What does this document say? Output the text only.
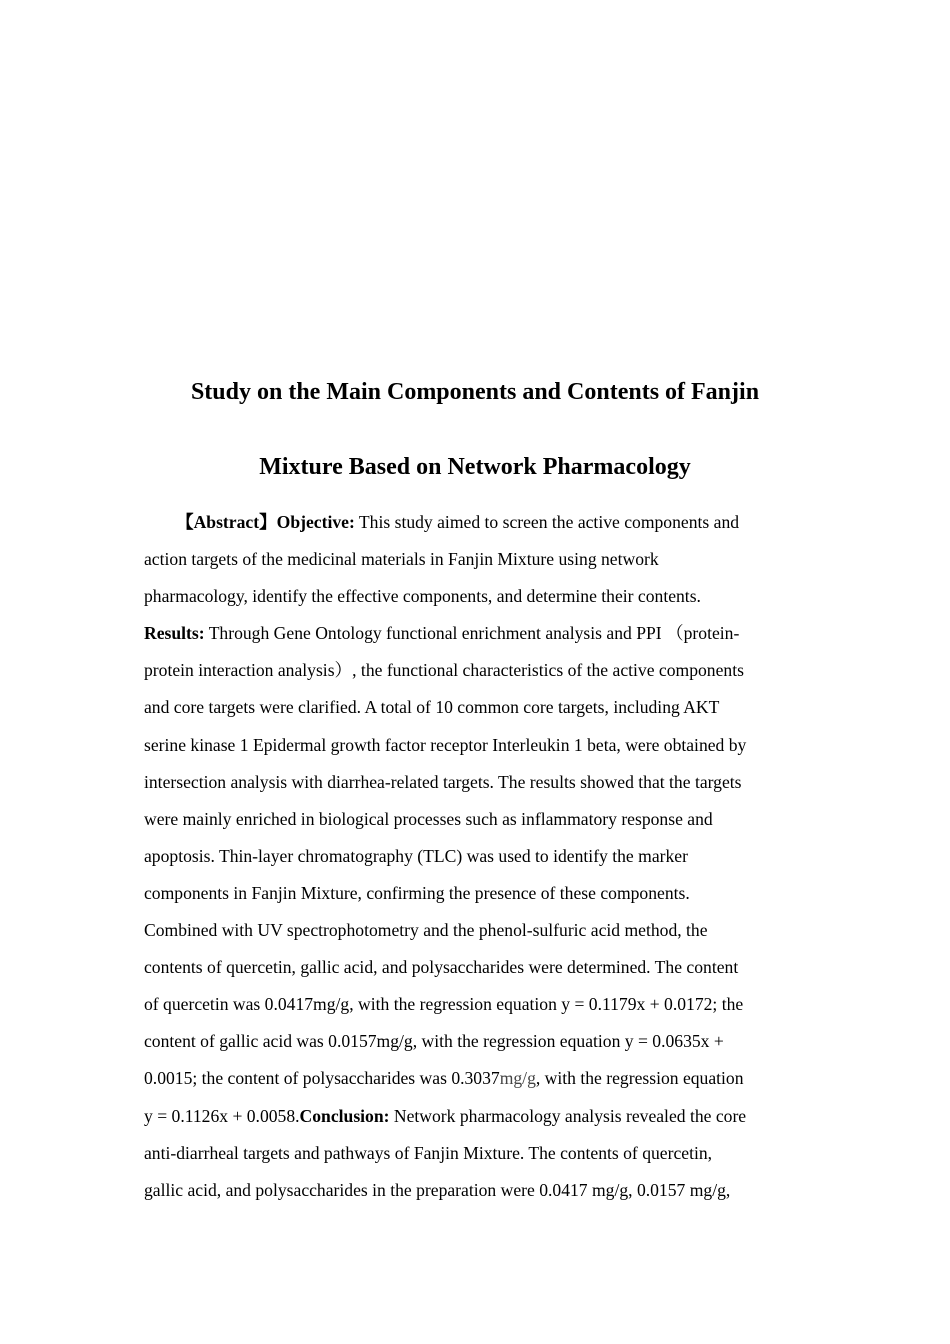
Study on the Main Components and Contents of Fanjin
Mixture Based on Network Pharmacology
【Abstract】Objective: This study aimed to screen the active components and
action targets of the medicinal materials in Fanjin Mixture using network
pharmacology, identify the effective components, and determine their contents.
Results: Through Gene Ontology functional enrichment analysis and PPI （protein-
protein interaction analysis）, the functional characteristics of the active components
and core targets were clarified. A total of 10 common core targets, including AKT
serine kinase 1 Epidermal growth factor receptor Interleukin 1 beta, were obtained by
intersection analysis with diarrhea-related targets. The results showed that the targets
were mainly enriched in biological processes such as inflammatory response and
apoptosis. Thin-layer chromatography (TLC) was used to identify the marker
components in Fanjin Mixture, confirming the presence of these components.
Combined with UV spectrophotometry and the phenol-sulfuric acid method, the
contents of quercetin, gallic acid, and polysaccharides were determined. The content
of quercetin was 0.0417mg/g, with the regression equation y = 0.1179x + 0.0172; the
content of gallic acid was 0.0157mg/g, with the regression equation y = 0.0635x +
0.0015; the content of polysaccharides was 0.3037mg/g, with the regression equation
y = 0.1126x + 0.0058.Conclusion: Network pharmacology analysis revealed the core
anti-diarrheal targets and pathways of Fanjin Mixture. The contents of quercetin,
gallic acid, and polysaccharides in the preparation were 0.0417 mg/g, 0.0157 mg/g,
